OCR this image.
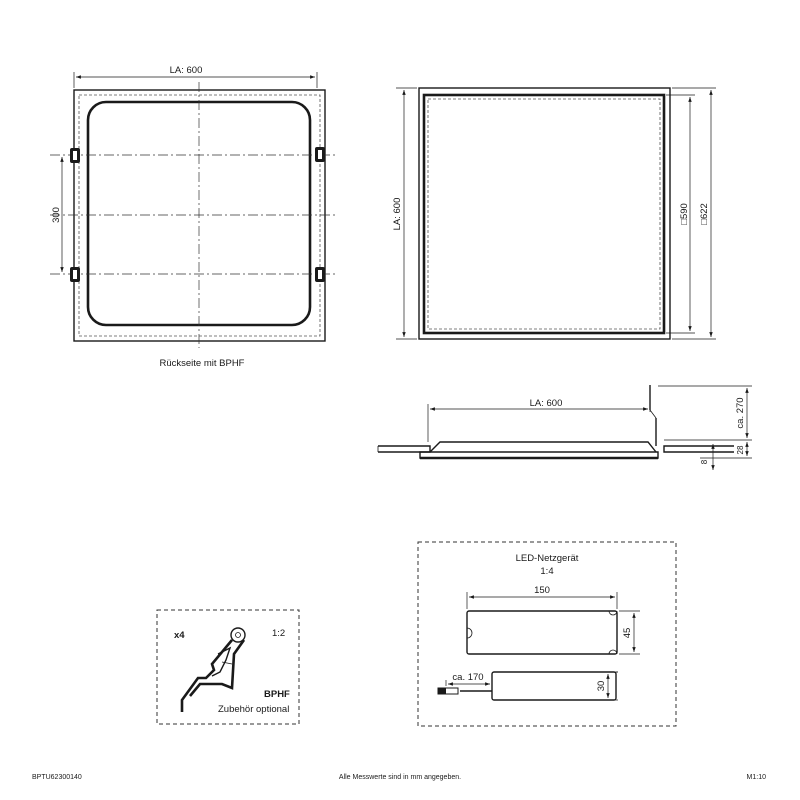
LA: 600
300
Rückseite mit BPHF
LA: 600	□590 □622
LA: 600	ca. 270
28
8
x4	1:2
BPHF
Zubehör optional
LED-Netzgerät
1:4
150
45
ca. 170
30
BPTU62300140	Alle Messwerte sind in mm angegeben.	M1:10
